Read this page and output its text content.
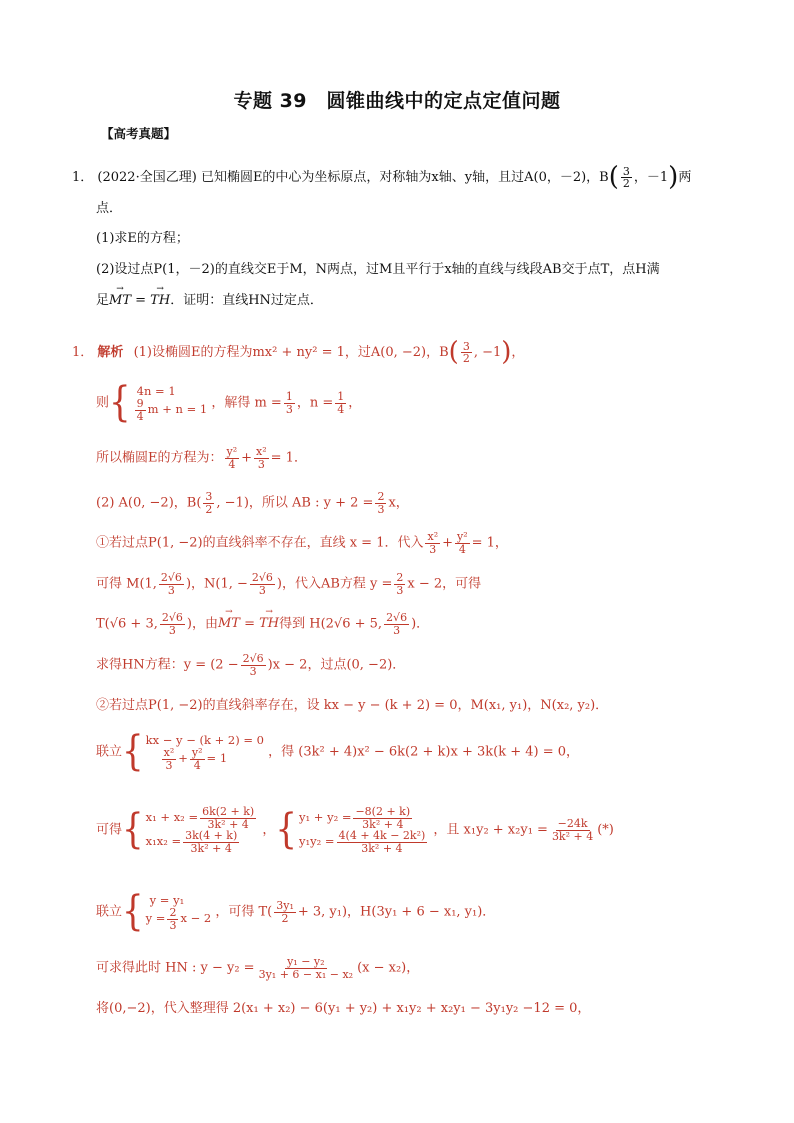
专题 39　圆锥曲线中的定点定值问题
【高考真题】
1． (2022·全国乙理) 已知椭圆E的中心为坐标原点，对称轴为x轴、y轴，且过A(0，－2)，$B( \frac{3}{2}$ ，－1)两
点．
(1)求E的方程；
(2)设过点P(1，－2)的直线交E于M，N两点，过M且平行于x轴的直线与线段AB交于点T，点H满
足→ MT = → TH．证明：直线HN过定点．
1． 解析 (1)设椭圆E的方程为mx² + ny² = 1，过A(0, −2)，$B( \frac{3}{2}$ , −1)，
则{ 4n = 1
$\frac{9}{4}$ m + n = 1 ，解得 $m = \frac{1}{3}$ ，$n = \frac{1}{4}$ ，
所以椭圆E的方程为： $\frac{\text{y²}}{4} + \frac{\text{x²}}{3} = 1$．
(2) A(0, −2)，$B( \frac{3}{2}$ , −1)，所以 AB : $y + 2 = \frac{2}{3}$ x，
①若过点P(1, −2)的直线斜率不存在，直线 x = 1．代入 $\frac{\text{x²}}{3} + \frac{\text{y²}}{4} = 1$，
可得 M(1, $\frac{2√6}{3}$ )，N(1, − $\frac{2√6}{3}$ )，代入AB方程 $y = \frac{2}{3}$ x − 2，可得
T(√6 + 3, $\frac{2√6}{3}$ )，由→ MT = → TH得到 H(2√6 + 5, $\frac{2√6}{3}$ )．
求得HN方程：$y = (2 - \frac{2√6}{3} )x - 2$，过点(0, −2)．
②若过点P(1, −2)的直线斜率存在，设 kx − y − (k + 2) = 0，M(x₁, y₁)，N(x₂, y₂)．
联立{ kx − y − (k + 2) = 0
$\frac{\text{x²}}{3} + \frac{\text{y²}}{4} = 1$	，得 (3k² + 4)x² − 6k(2 + k)x + 3k(k + 4) = 0，
可得{ $x_1 + x_2 = \frac{6k(2 + k)}{\text{3k² + 4}}$
$x_1x_2 = \frac{3k(4 + k)}{\text{3k² + 4}}$
，{ $y_1 + y_2 = \frac{-8(2 + k)}{\text{3k² + 4}}$
$y_1y_2 = \frac{\text{4(4 + 4k − 2k²)}}{\text{3k² + 4}}$
，且 $x_1y_2 + x_2y_1 = \frac{-24k}{\text{3k² + 4}}$ (*)
联立{ y = y₁
$y = \frac{2}{3}$ x − 2 ，可得 $T( \frac{\text{3y₁}}{2} + 3$, y₁)，H(3y₁ + 6 − x₁, y₁)．
可求得此时 HN : $y - y_2 = \frac{\text{y₁ − y₂}}{\text{3y₁ + 6 − x₁ − x₂}} (x - x_2)$，
将(0,−2)，代入整理得 2(x₁ + x₂) − 6(y₁ + y₂) + x₁y₂ + x₂y₁ − 3y₁y₂ −12 = 0，
